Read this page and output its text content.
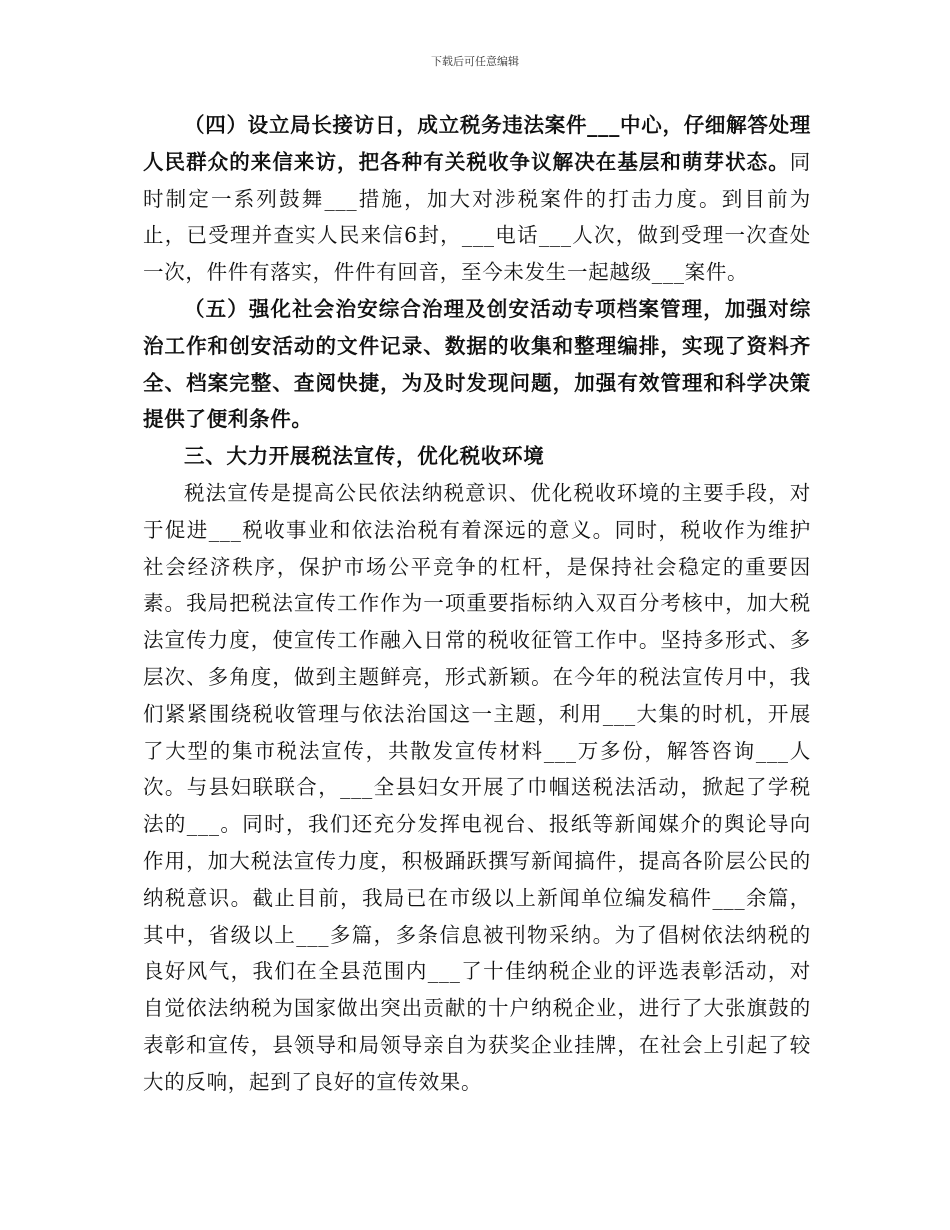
下载后可任意编辑

（四）设立局长接访日，成立税务违法案件___中心，仔细解答处理人民群众的来信来访，把各种有关税收争议解决在基层和萌芽状态。同时制定一系列鼓舞___措施，加大对涉税案件的打击力度。到目前为止，已受理并查实人民来信6封，___电话___人次，做到受理一次查处一次，件件有落实，件件有回音，至今未发生一起越级___案件。

（五）强化社会治安综合治理及创安活动专项档案管理，加强对综治工作和创安活动的文件记录、数据的收集和整理编排，实现了资料齐全、档案完整、查阅快捷，为及时发现问题，加强有效管理和科学决策提供了便利条件。

三、大力开展税法宣传，优化税收环境

税法宣传是提高公民依法纳税意识、优化税收环境的主要手段，对于促进___税收事业和依法治税有着深远的意义。同时，税收作为维护社会经济秩序，保护市场公平竞争的杠杆，是保持社会稳定的重要因素。我局把税法宣传工作作为一项重要指标纳入双百分考核中，加大税法宣传力度，使宣传工作融入日常的税收征管工作中。坚持多形式、多层次、多角度，做到主题鲜亮，形式新颖。在今年的税法宣传月中，我们紧紧围绕税收管理与依法治国这一主题，利用___大集的时机，开展了大型的集市税法宣传，共散发宣传材料___万多份，解答咨询___人次。与县妇联联合，___全县妇女开展了巾帼送税法活动，掀起了学税法的___。同时，我们还充分发挥电视台、报纸等新闻媒介的舆论导向作用，加大税法宣传力度，积极踊跃撰写新闻搞件，提高各阶层公民的纳税意识。截止目前，我局已在市级以上新闻单位编发稿件___余篇，其中，省级以上___多篇，多条信息被刊物采纳。为了倡树依法纳税的良好风气，我们在全县范围内___了十佳纳税企业的评选表彰活动，对自觉依法纳税为国家做出突出贡献的十户纳税企业，进行了大张旗鼓的表彰和宣传，县领导和局领导亲自为获奖企业挂牌，在社会上引起了较大的反响，起到了良好的宣传效果。
